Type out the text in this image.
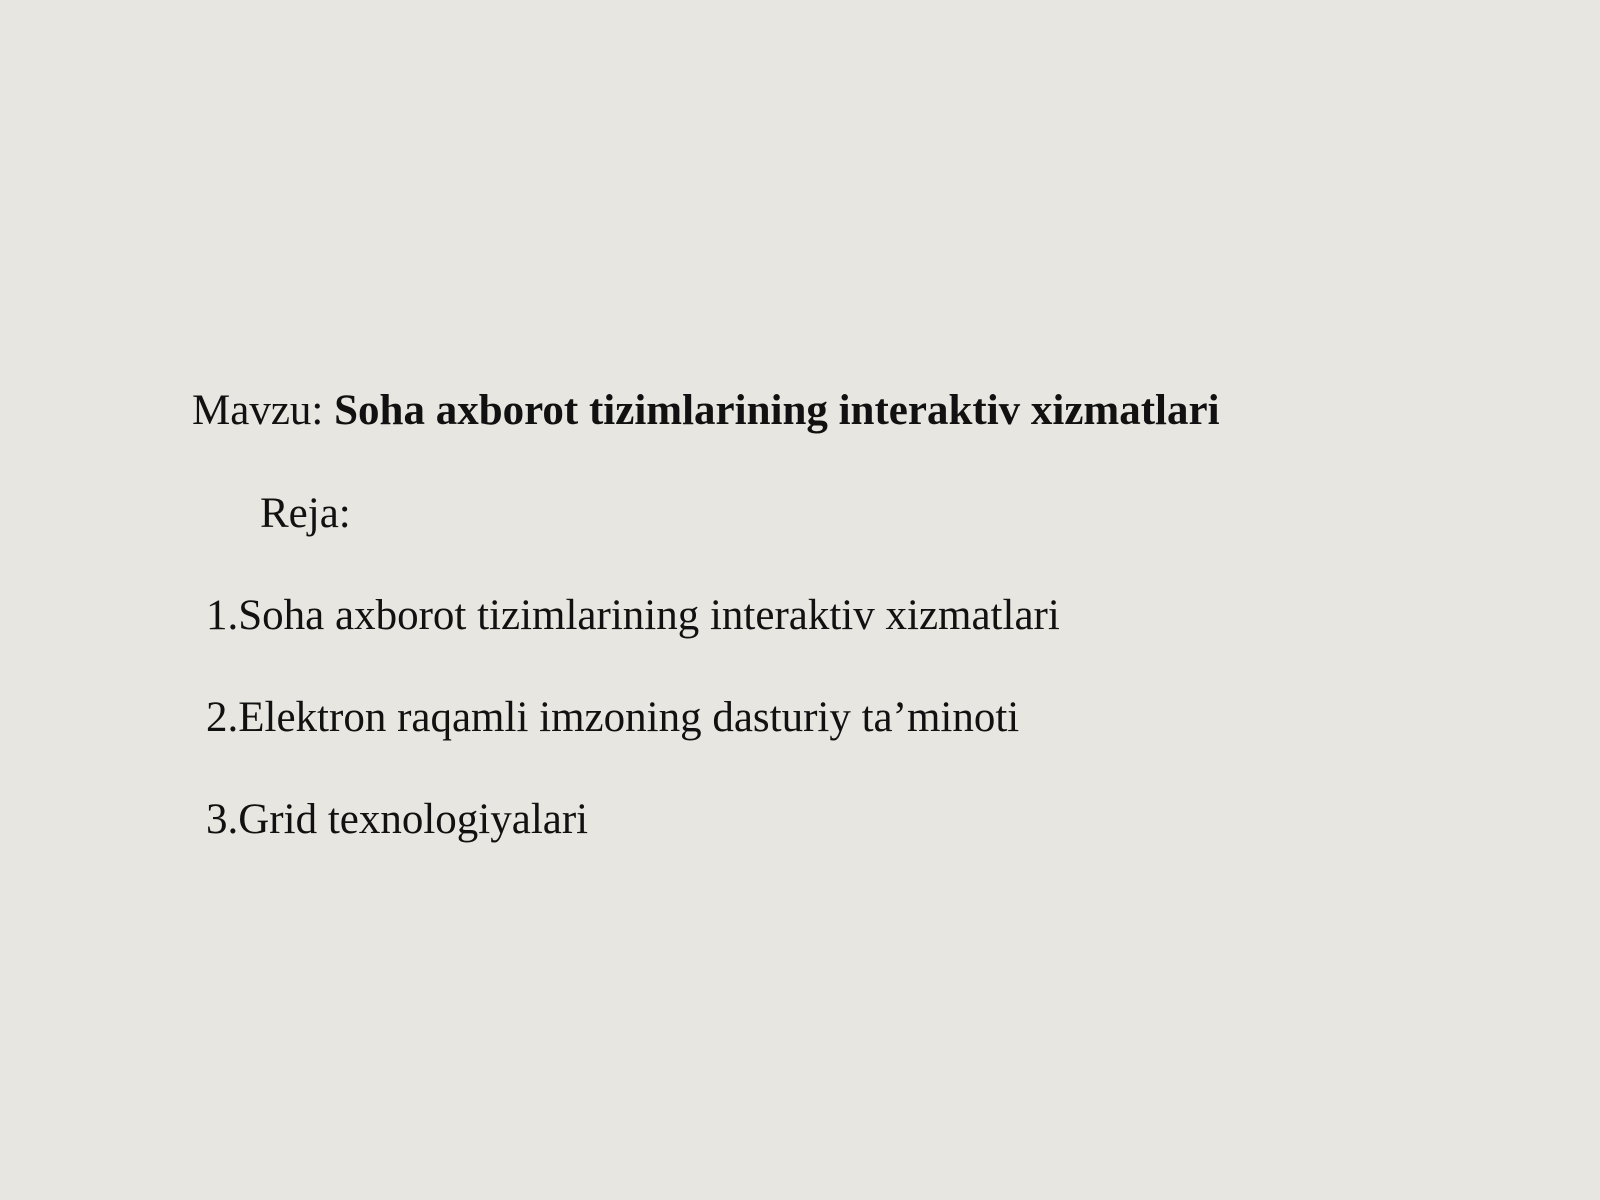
Mavzu: Soha axborot tizimlarining interaktiv xizmatlari
Reja:
1.Soha axborot tizimlarining interaktiv xizmatlari
2.Elektron raqamli imzoning dasturiy ta’minoti
3.Grid texnologiyalari
